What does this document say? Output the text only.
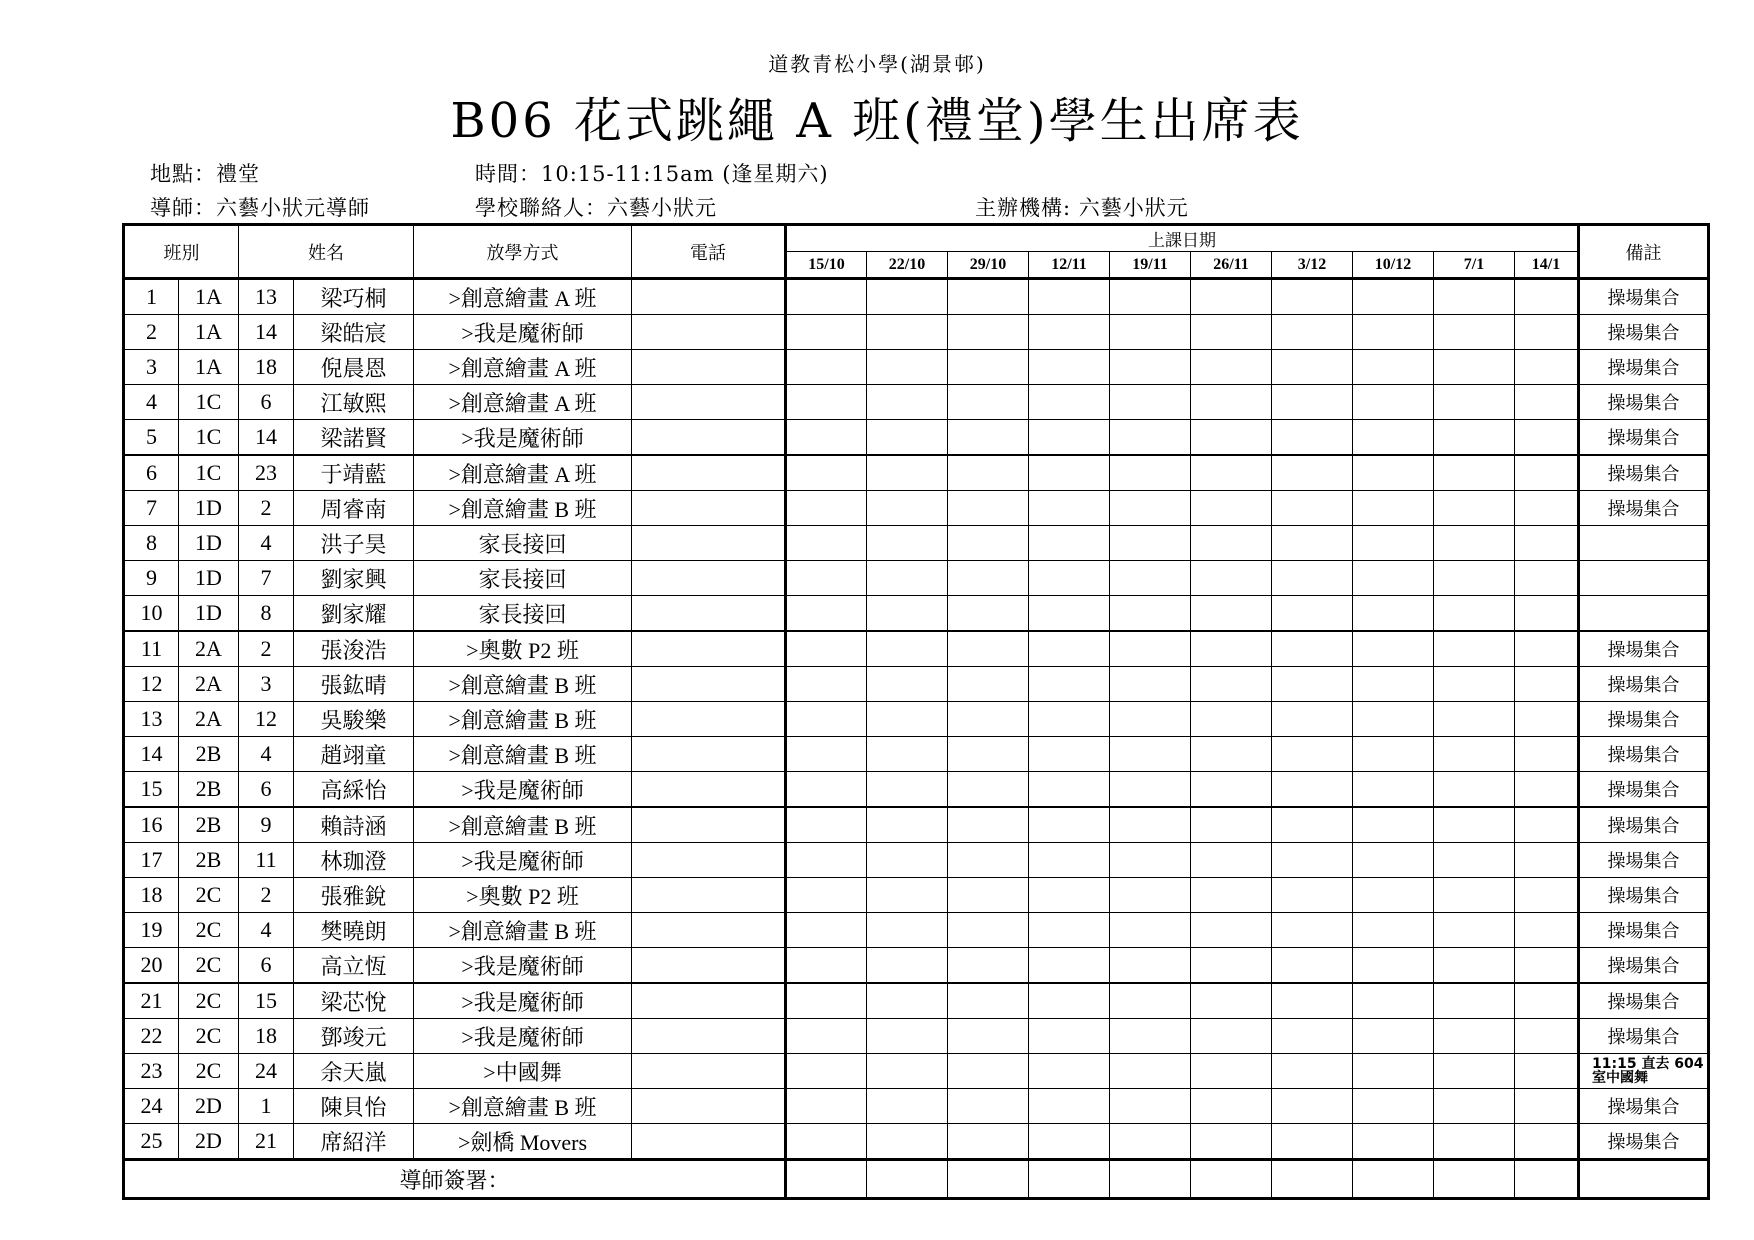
道教青松小學(湖景邨)
B06 花式跳繩 A 班(禮堂)學生出席表
地點：禮堂	時間：10:15-11:15am (逢星期六)
導師：六藝小狀元導師	學校聯絡人：六藝小狀元	主辦機構: 六藝小狀元
班別		姓名		放學方式	電話	上課日期										備註
						15/10	22/10	29/10	12/11	19/11	26/11	3/12	10/12	7/1	14/1	
1	1A	13	梁巧桐	>創意繪畫 A 班												操場集合
2	1A	14	梁皓宸	>我是魔術師												操場集合
3	1A	18	倪晨恩	>創意繪畫 A 班												操場集合
4	1C	6	江敏熙	>創意繪畫 A 班												操場集合
5	1C	14	梁諾賢	>我是魔術師												操場集合
6	1C	23	于靖藍	>創意繪畫 A 班												操場集合
7	1D	2	周睿南	>創意繪畫 B 班												操場集合
8	1D	4	洪子昊	家長接回												
9	1D	7	劉家興	家長接回												
10	1D	8	劉家耀	家長接回												
11	2A	2	張浚浩	>奧數 P2 班												操場集合
12	2A	3	張鈜晴	>創意繪畫 B 班												操場集合
13	2A	12	吳駿樂	>創意繪畫 B 班												操場集合
14	2B	4	趙翊童	>創意繪畫 B 班												操場集合
15	2B	6	高綵怡	>我是魔術師												操場集合
16	2B	9	賴詩涵	>創意繪畫 B 班												操場集合
17	2B	11	林珈澄	>我是魔術師												操場集合
18	2C	2	張雅銳	>奧數 P2 班												操場集合
19	2C	4	樊曉朗	>創意繪畫 B 班												操場集合
20	2C	6	高立恆	>我是魔術師												操場集合
21	2C	15	梁芯悅	>我是魔術師												操場集合
22	2C	18	鄧竣元	>我是魔術師												操場集合
23	2C	24	余天嵐	>中國舞												11:15 直去 604 室中國舞
24	2D	1	陳貝怡	>創意繪畫 B 班												操場集合
25	2D	21	席紹洋	>劍橋 Movers												操場集合
導師簽署：																
